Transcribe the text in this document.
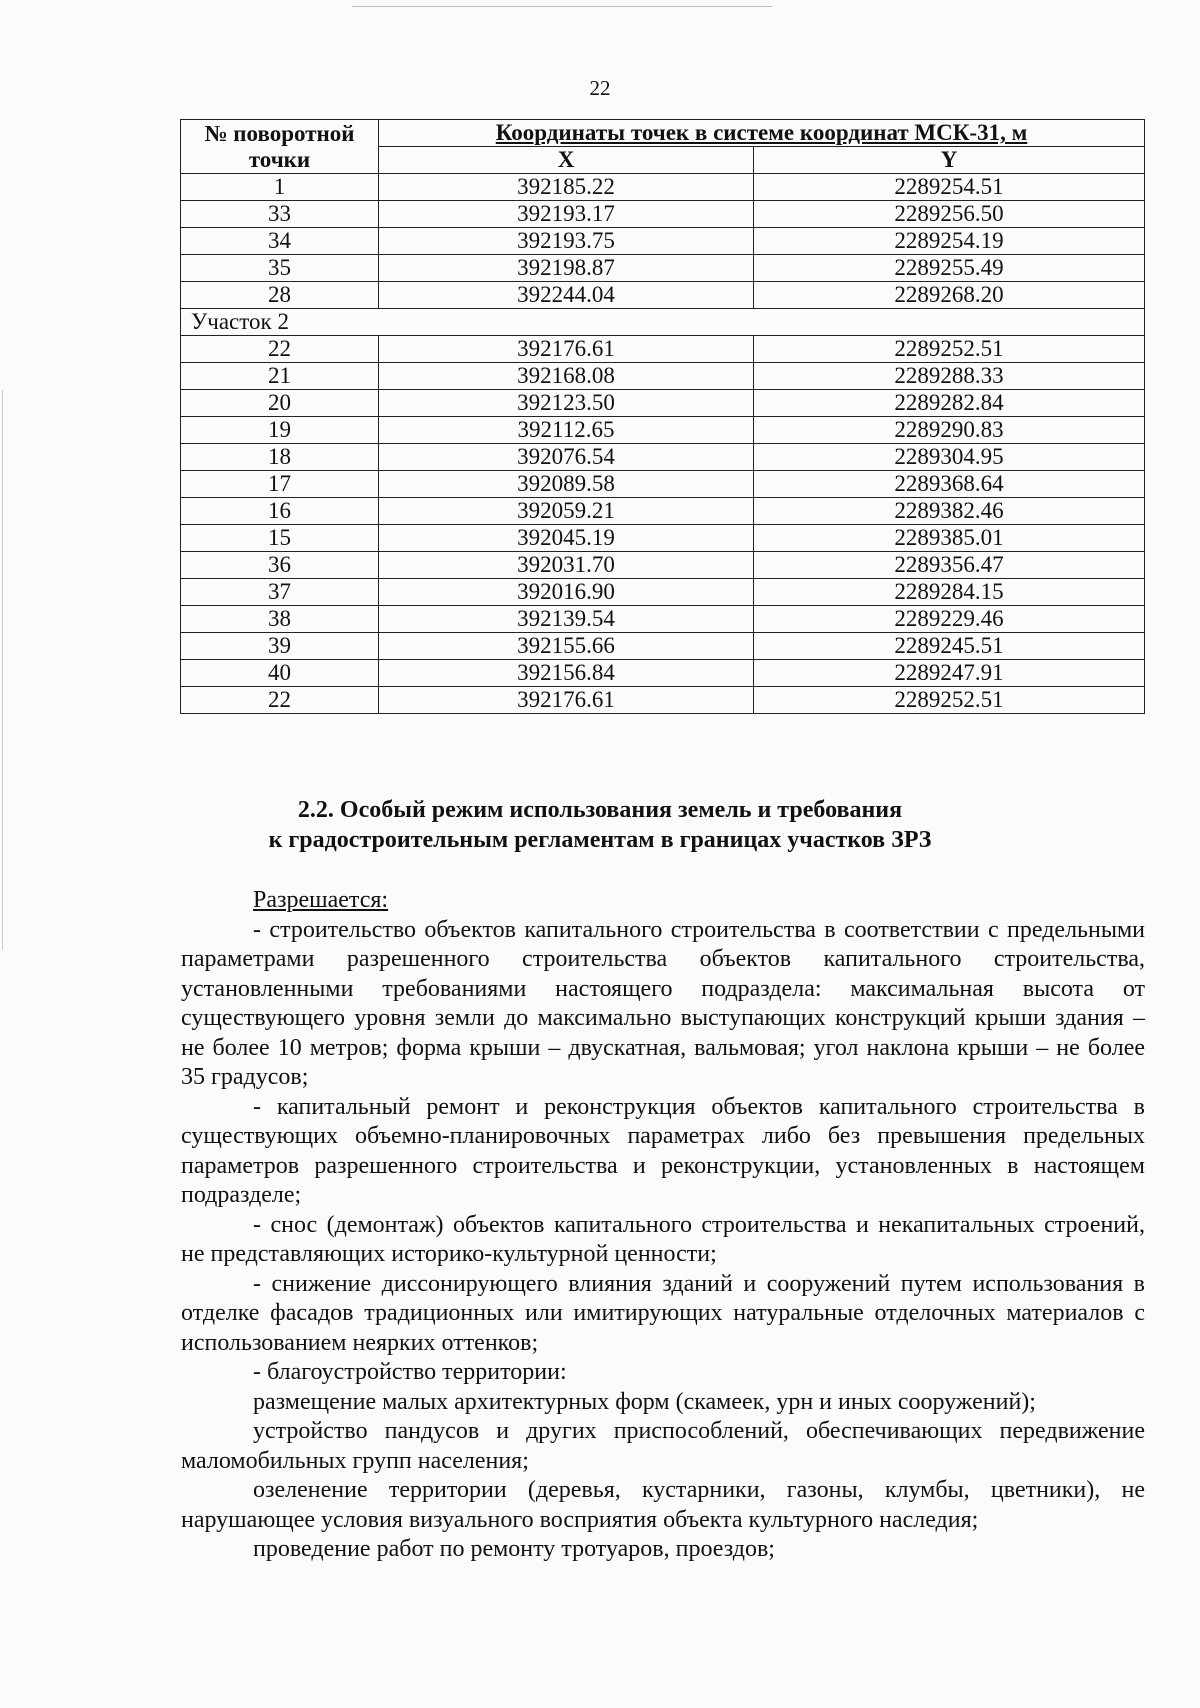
22
№ поворотной
точки	Координаты точек в системе координат МСК-31, м	
	X	Y
1	392185.22	2289254.51
33	392193.17	2289256.50
34	392193.75	2289254.19
35	392198.87	2289255.49
28	392244.04	2289268.20
Участок 2		
22	392176.61	2289252.51
21	392168.08	2289288.33
20	392123.50	2289282.84
19	392112.65	2289290.83
18	392076.54	2289304.95
17	392089.58	2289368.64
16	392059.21	2289382.46
15	392045.19	2289385.01
36	392031.70	2289356.47
37	392016.90	2289284.15
38	392139.54	2289229.46
39	392155.66	2289245.51
40	392156.84	2289247.91
22	392176.61	2289252.51
2.2. Особый режим использования земель и требования
к градостроительным регламентам в границах участков ЗРЗ

Разрешается:

- строительство объектов капитального строительства в соответствии с предельными параметрами разрешенного строительства объектов капитального строительства, установленными требованиями настоящего подраздела: максимальная высота от существующего уровня земли до максимально выступающих конструкций крыши здания – не более 10 метров; форма крыши – двускатная, вальмовая; угол наклона крыши – не более 35 градусов;

- капитальный ремонт и реконструкция объектов капитального строительства в существующих объемно-планировочных параметрах либо без превышения предельных параметров разрешенного строительства и реконструкции, установленных в настоящем подразделе;

- снос (демонтаж) объектов капитального строительства и некапитальных строений, не представляющих историко-культурной ценности;

- снижение диссонирующего влияния зданий и сооружений путем использования в отделке фасадов традиционных или имитирующих натуральные отделочных материалов с использованием неярких оттенков;

- благоустройство территории:

размещение малых архитектурных форм (скамеек, урн и иных сооружений);

устройство пандусов и других приспособлений, обеспечивающих передвижение маломобильных групп населения;

озеленение территории (деревья, кустарники, газоны, клумбы, цветники), не нарушающее условия визуального восприятия объекта культурного наследия;

проведение работ по ремонту тротуаров, проездов;
